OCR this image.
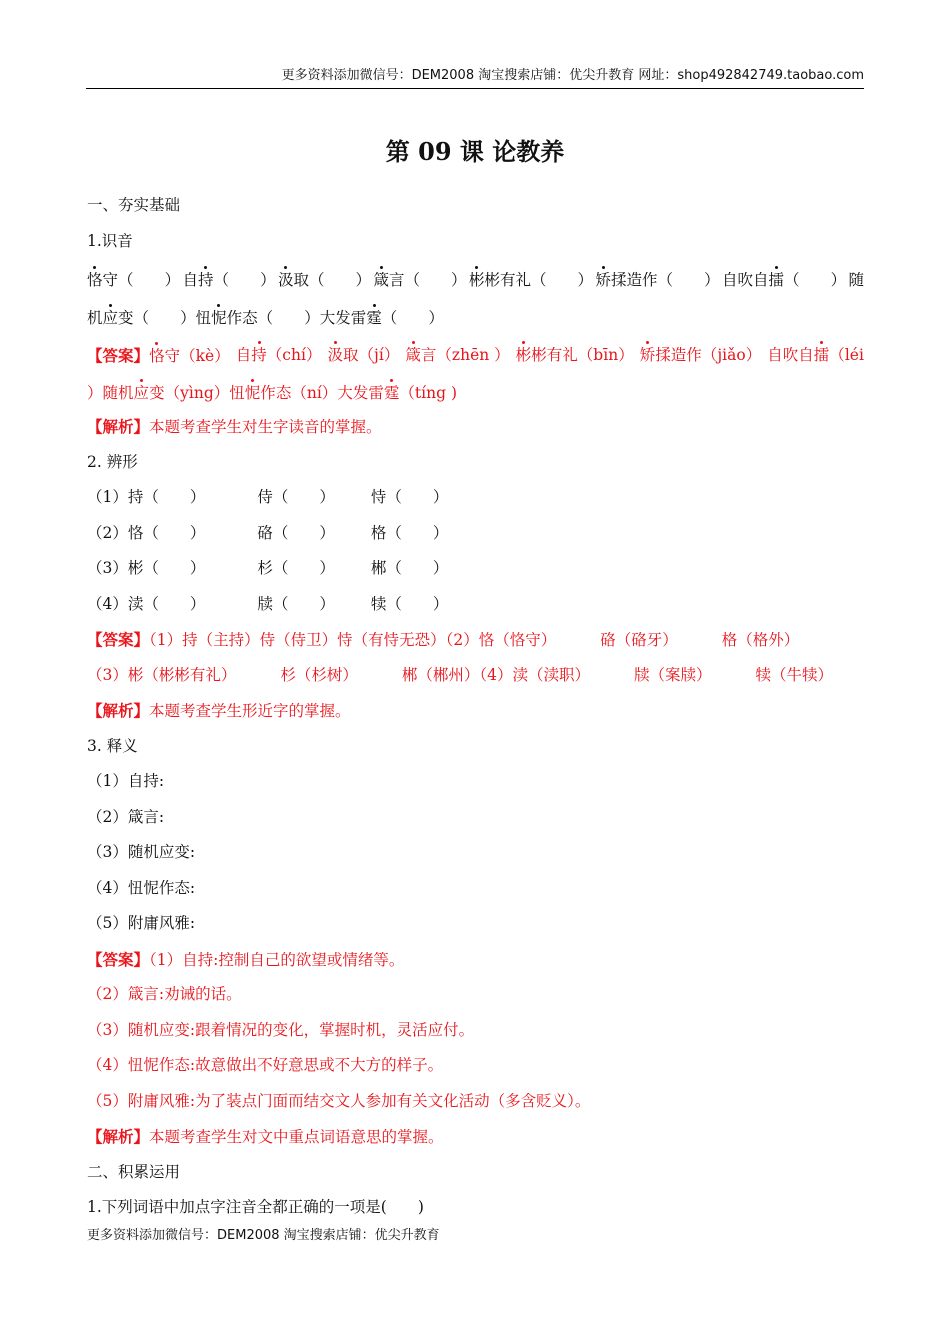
更多资料添加微信号：DEM2008 淘宝搜索店铺：优尖升教育 网址：shop492842749.taobao.com
第 09 课 论教养
一、夯实基础
1.识音
恪守（　　 ） 自持（　　 ） 汲取（　　 ） 箴言（　　 ） 彬彬有礼（　　 ） 矫揉造作（　　 ） 自吹自擂（　　 ） 随
机应变（　　 ）忸怩作态（　　 ）大发雷霆（　　 ）
【答案】恪守（kè） 自持（chí） 汲取（jí） 箴言（zhēn ） 彬彬有礼（bīn） 矫揉造作（jiǎo） 自吹自擂（léi
）随机应变（yìng）忸怩作态（ní）大发雷霆（tíng )
【解析】本题考查学生对生字读音的掌握。
2. 辨形
（1）持（　　）	侍（　　） 恃（　　）
（2）恪（　　）	硌（　　） 格（　　）
（3）彬（　　）	杉（　　） 郴（　　）
（4）渎（　　）	牍（　　） 犊（　　）
【答案】（1）持（主持）侍（侍卫）恃（有恃无恐）（2）恪（恪守）	硌（硌牙）	格（格外）
（3）彬（彬彬有礼）	杉（杉树）	郴（郴州）（4）渎（渎职）	牍（案牍）	犊（牛犊）
【解析】本题考查学生形近字的掌握。
3. 释义
（1）自持:
（2）箴言:
（3）随机应变:
（4）忸怩作态:
（5）附庸风雅:
【答案】（1）自持:控制自己的欲望或情绪等。
（2）箴言:劝诫的话。
（3）随机应变:跟着情况的变化，掌握时机，灵活应付。
（4）忸怩作态:故意做出不好意思或不大方的样子。
（5）附庸风雅:为了装点门面而结交文人参加有关文化活动（多含贬义）。
【解析】本题考查学生对文中重点词语意思的掌握。
二、积累运用
1.下列词语中加点字注音全都正确的一项是(　　)
更多资料添加微信号：DEM2008 淘宝搜索店铺：优尖升教育
